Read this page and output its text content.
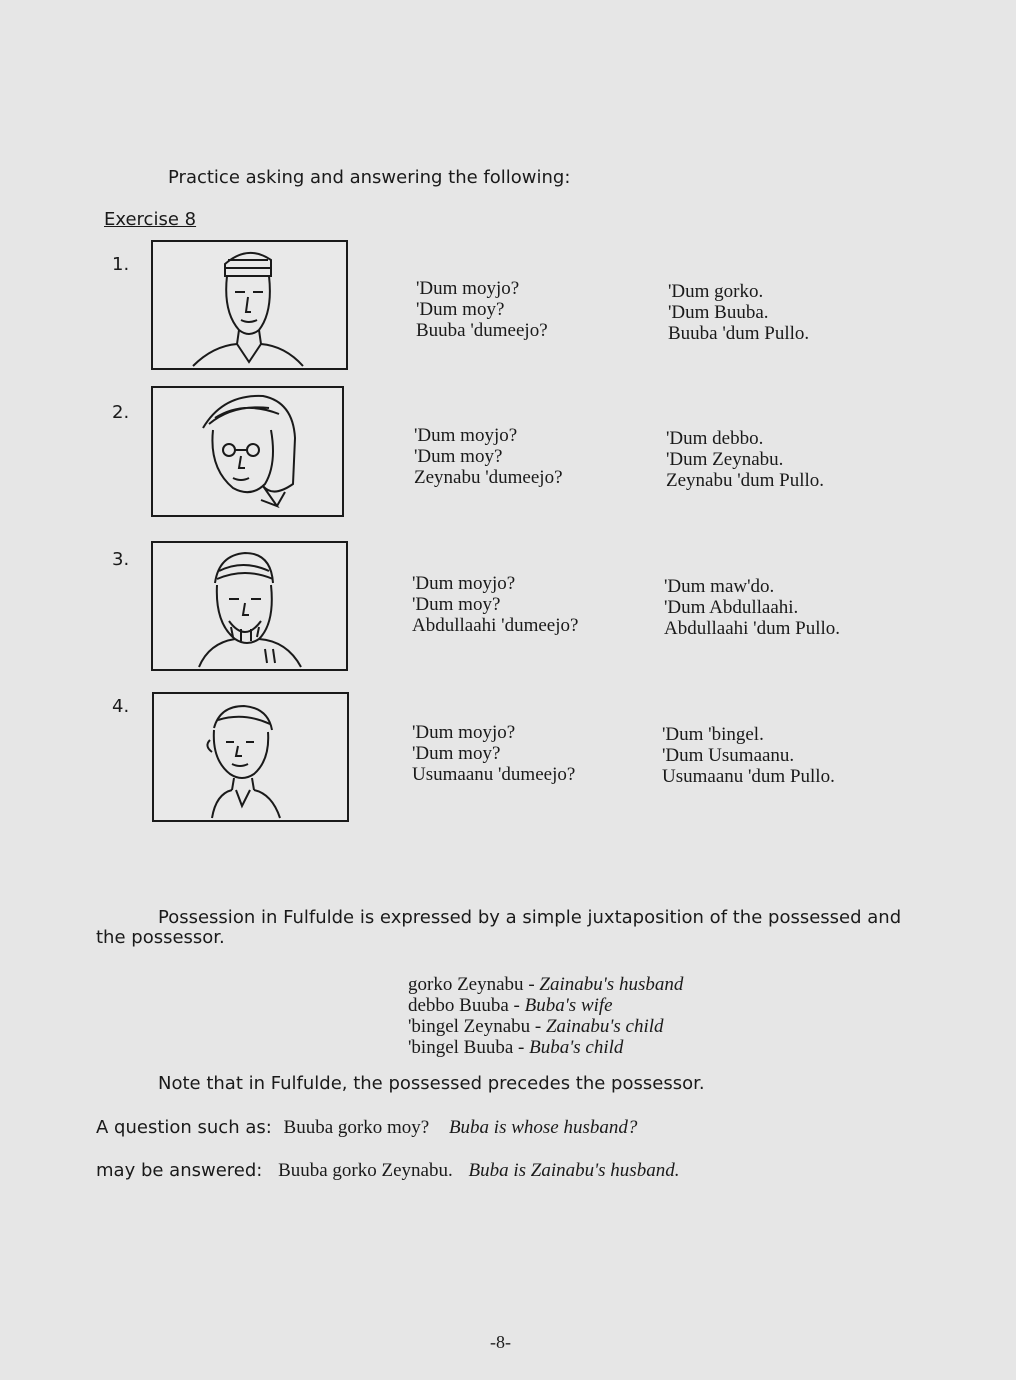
Practice asking and answering the following:
Exercise 8
1.
'Dum moyjo?
'Dum moy?
Buuba 'dumeejo?
'Dum gorko.
'Dum Buuba.
Buuba 'dum Pullo.
2.
'Dum moyjo?
'Dum moy?
Zeynabu 'dumeejo?
'Dum debbo.
'Dum Zeynabu.
Zeynabu 'dum Pullo.
3.
'Dum moyjo?
'Dum moy?
Abdullaahi 'dumeejo?
'Dum maw'do.
'Dum Abdullaahi.
Abdullaahi 'dum Pullo.
4.
'Dum moyjo?
'Dum moy?
Usumaanu 'dumeejo?
'Dum 'bingel.
'Dum Usumaanu.
Usumaanu 'dum Pullo.
Possession in Fulfulde is expressed by a simple juxtaposition of the possessed and
the possessor.
gorko Zeynabu - Zainabu's husband
debbo Buuba - Buba's wife
'bingel Zeynabu - Zainabu's child
'bingel Buuba - Buba's child
Note that in Fulfulde, the possessed precedes the possessor.
A question such as: Buuba gorko moy? Buba is whose husband?
may be answered: Buuba gorko Zeynabu. Buba is Zainabu's husband.
-8-
